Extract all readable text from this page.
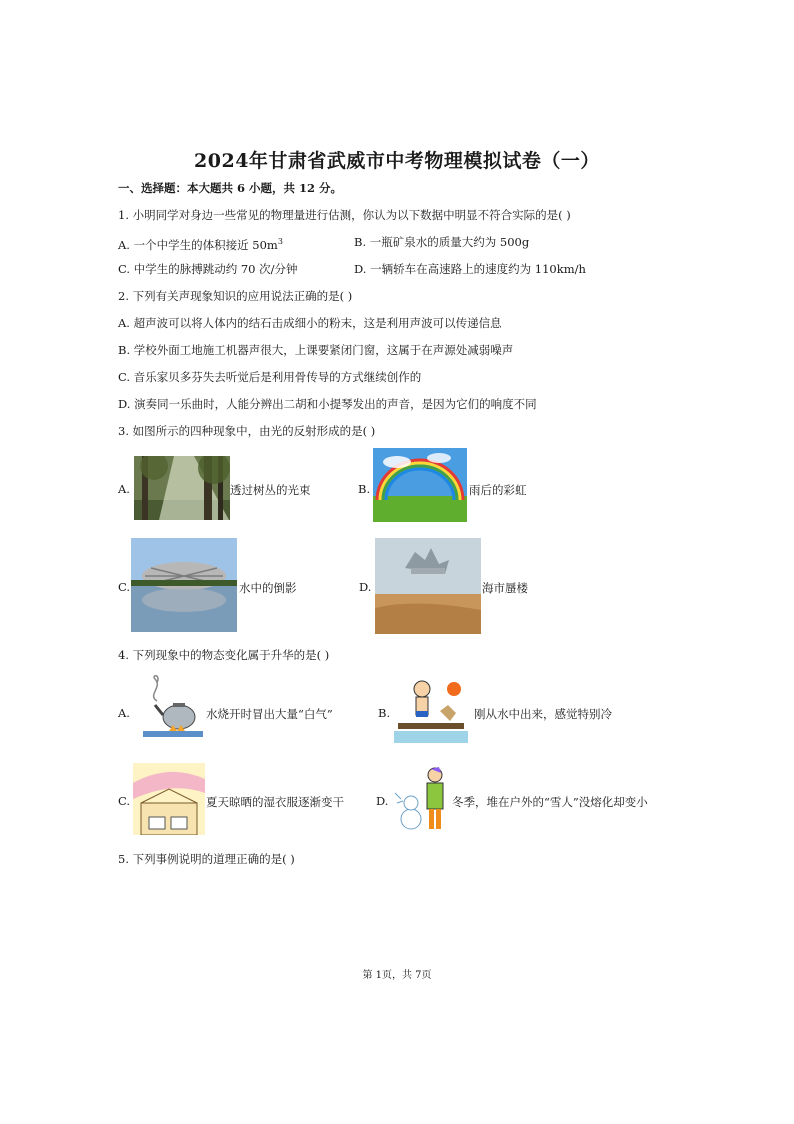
2024年甘肃省武威市中考物理模拟试卷（一）
一、选择题：本大题共 6 小题，共 12 分。
1. 小明同学对身边一些常见的物理量进行估测，你认为以下数据中明显不符合实际的是( )
A. 一个中学生的体积接近 $50m^3$	B. 一瓶矿泉水的质量大约为 500g
C. 中学生的脉搏跳动约 70 次/分钟	D. 一辆轿车在高速路上的速度约为 110km/h
2. 下列有关声现象知识的应用说法正确的是( )
A. 超声波可以将人体内的结石击成细小的粉末，这是利用声波可以传递信息
B. 学校外面工地施工机器声很大，上课要紧闭门窗，这属于在声源处减弱噪声
C. 音乐家贝多芬失去听觉后是利用骨传导的方式继续创作的
D. 演奏同一乐曲时，人能分辨出二胡和小提琴发出的声音，是因为它们的响度不同
3. 如图所示的四种现象中，由光的反射形成的是( )
A.	透过树丛的光束	B.	雨后的彩虹
C.	水中的倒影	D.	海市蜃楼
4. 下列现象中的物态变化属于升华的是( )
A.	水烧开时冒出大量“白气”	B.	刚从水中出来，感觉特别冷
C.	夏天晾晒的湿衣服逐渐变干	D.	冬季，堆在户外的“雪人”没熔化却变小
5. 下列事例说明的道理正确的是( )
第 1页，共 7页
